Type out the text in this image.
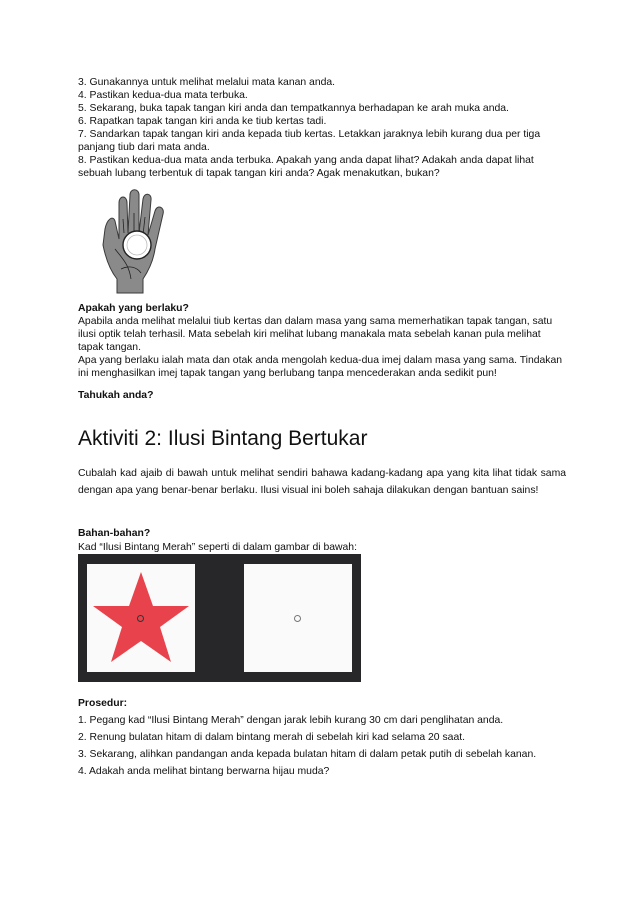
3. Gunakannya untuk melihat melalui mata kanan anda.

4. Pastikan kedua-dua mata terbuka.

5. Sekarang, buka tapak tangan kiri anda dan tempatkannya berhadapan ke arah muka anda.

6. Rapatkan tapak tangan kiri anda ke tiub kertas tadi.

7. Sandarkan tapak tangan kiri anda kepada tiub kertas. Letakkan jaraknya lebih kurang dua per tiga panjang tiub dari mata anda.

8. Pastikan kedua-dua mata anda terbuka. Apakah yang anda dapat lihat? Adakah anda dapat lihat sebuah lubang terbentuk di tapak tangan kiri anda? Agak menakutkan, bukan?

Apakah yang berlaku?

Apabila anda melihat melalui tiub kertas dan dalam masa yang sama memerhatikan tapak tangan, satu ilusi optik telah terhasil. Mata sebelah kiri melihat lubang manakala mata sebelah kanan pula melihat tapak tangan.

Apa yang berlaku ialah mata dan otak anda mengolah kedua-dua imej dalam masa yang sama. Tindakan ini menghasilkan imej tapak tangan yang berlubang tanpa mencederakan anda sedikit pun!

Tahukah anda?

Aktiviti 2: Ilusi Bintang Bertukar

Cubalah kad ajaib di bawah untuk melihat sendiri bahawa kadang-kadang apa yang kita lihat tidak sama dengan apa yang benar-benar berlaku. Ilusi visual ini boleh sahaja dilakukan dengan bantuan sains!

Bahan-bahan?

Kad “Ilusi Bintang Merah” seperti di dalam gambar di bawah:

Prosedur:

1. Pegang kad “Ilusi Bintang Merah” dengan jarak lebih kurang 30 cm dari penglihatan anda.

2. Renung bulatan hitam di dalam bintang merah di sebelah kiri kad selama 20 saat.

3. Sekarang, alihkan pandangan anda kepada bulatan hitam di dalam petak putih di sebelah kanan.

4. Adakah anda melihat bintang berwarna hijau muda?
